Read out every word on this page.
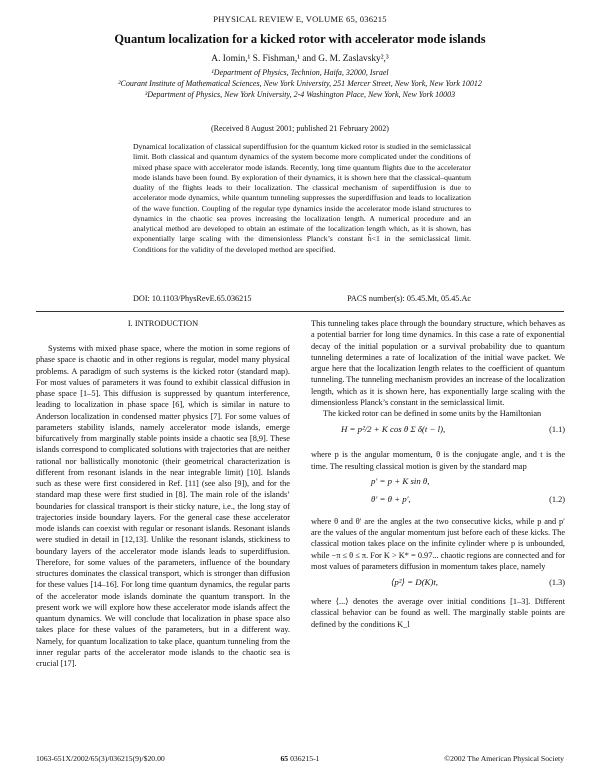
PHYSICAL REVIEW E, VOLUME 65, 036215
Quantum localization for a kicked rotor with accelerator mode islands
A. Iomin,¹ S. Fishman,¹ and G. M. Zaslavsky²,³
¹Department of Physics, Technion, Haifa, 32000, Israel
²Courant Institute of Mathematical Sciences, New York University, 251 Mercer Street, New York, New York 10012
³Department of Physics, New York University, 2-4 Washington Place, New York, New York 10003
(Received 8 August 2001; published 21 February 2002)
Dynamical localization of classical superdiffusion for the quantum kicked rotor is studied in the semiclassical limit. Both classical and quantum dynamics of the system become more complicated under the conditions of mixed phase space with accelerator mode islands. Recently, long time quantum flights due to the accelerator mode islands have been found. By exploration of their dynamics, it is shown here that the classical–quantum duality of the flights leads to their localization. The classical mechanism of superdiffusion is due to accelerator mode dynamics, while quantum tunneling suppresses the superdiffusion and leads to localization of the wave function. Coupling of the regular type dynamics inside the accelerator mode island structures to dynamics in the chaotic sea proves increasing the localization length. A numerical procedure and an analytical method are developed to obtain an estimate of the localization length which, as it is shown, has exponentially large scaling with the dimensionless Planck’s constant h̃<1 in the semiclassical limit. Conditions for the validity of the developed method are specified.
DOI: 10.1103/PhysRevE.65.036215	PACS number(s): 05.45.Mt, 05.45.Ac
I. INTRODUCTION

Systems with mixed phase space, where the motion in some regions of phase space is chaotic and in other regions is regular, model many physical problems. A paradigm of such systems is the kicked rotor (standard map). For most values of parameters it was found to exhibit classical diffusion in phase space [1–5]. This diffusion is suppressed by quantum interference, leading to localization in phase space [6], which is similar in nature to Anderson localization in condensed matter physics [7]. For some values of parameters stability islands, namely accelerator mode islands, emerge bifurcatively from marginally stable points inside a chaotic sea [8,9]. These islands correspond to complicated solutions with trajectories that are neither rational nor ballistically monotonic (their geometrical characterization is different from resonant islands in the near integrable limit) [10]. Islands such as these were first considered in Ref. [11] (see also [9]), and for the standard map these were first studied in [8]. The main role of the islands’ boundaries for classical transport is their sticky nature, i.e., the long stay of trajectories inside boundary layers. For the general case these accelerator mode islands can coexist with regular or resonant islands. Resonant islands were studied in detail in [12,13]. Unlike the resonant islands, stickiness to boundary layers of the accelerator mode islands leads to superdiffusion. Therefore, for some values of the parameters, influence of the boundary structures dominates the classical transport, which is stronger than diffusion for these values [14–16]. For long time quantum dynamics, the regular parts of the accelerator mode islands dominate the quantum transport. In the present work we will explore how these accelerator mode islands affect the quantum dynamics. We will conclude that localization in phase space also takes place for these values of the parameters, but in a different way. Namely, for quantum localization to take place, quantum tunneling from the inner regular parts of the accelerator mode islands to the chaotic sea is crucial [17].

This tunneling takes place through the boundary structure, which behaves as a potential barrier for long time dynamics. In this case a rate of exponential decay of the initial population or a survival probability due to quantum tunneling determines a rate of localization of the initial wave packet. We argue here that the localization length relates to the coefficient of quantum tunneling. The tunneling mechanism provides an increase of the localization length, which as it is shown here, has exponentially large scaling with the dimensionless Planck’s constant in the semiclassical limit.

The kicked rotor can be defined in some units by the Hamiltonian

H = p²/2 + K cos θ Σ δ(t − l),	(1.1)

where p is the angular momentum, θ is the conjugate angle, and t is the time. The resulting classical motion is given by the standard map

p′ = p + K sin θ,
θ′ = θ + p′,	(1.2)

where θ and θ′ are the angles at the two consecutive kicks, while p and p′ are the values of the angular momentum just before each of these kicks. The classical motion takes place on the infinite cylinder where p is unbounded, while −π ≤ θ ≤ π. For K > K* = 0.97... chaotic regions are connected and for most values of parameters diffusion in momentum takes place, namely

⟨p²⟩ = D(K)t,	(1.3)

where ⟨...⟩ denotes the average over initial conditions [1–3]. Different classical behavior can be found as well. The marginally stable points are defined by the conditions K_l

1063-651X/2002/65(3)/036215(9)/$20.00	65 036215-1	©2002 The American Physical Society
